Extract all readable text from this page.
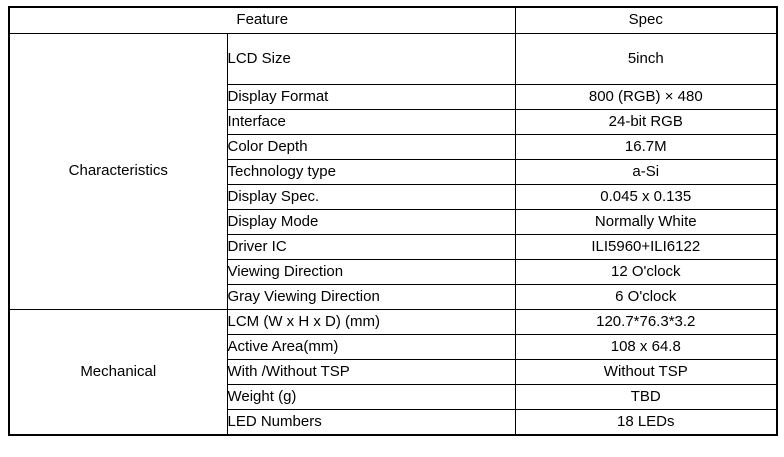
Feature		Spec
Characteristics	LCD Size	5inch
	Display Format	800 (RGB) × 480
	Interface	24-bit RGB
	Color Depth	16.7M
	Technology type	a-Si
	Display Spec.	0.045 x 0.135
	Display Mode	Normally White
	Driver IC	ILI5960+ILI6122
	Viewing Direction	12 O'clock
	Gray Viewing Direction	6 O'clock
Mechanical	LCM (W x H x D) (mm)	120.7*76.3*3.2
	Active Area(mm)	108 x 64.8
	With /Without TSP	Without TSP
	Weight (g)	TBD
	LED Numbers	18 LEDs
